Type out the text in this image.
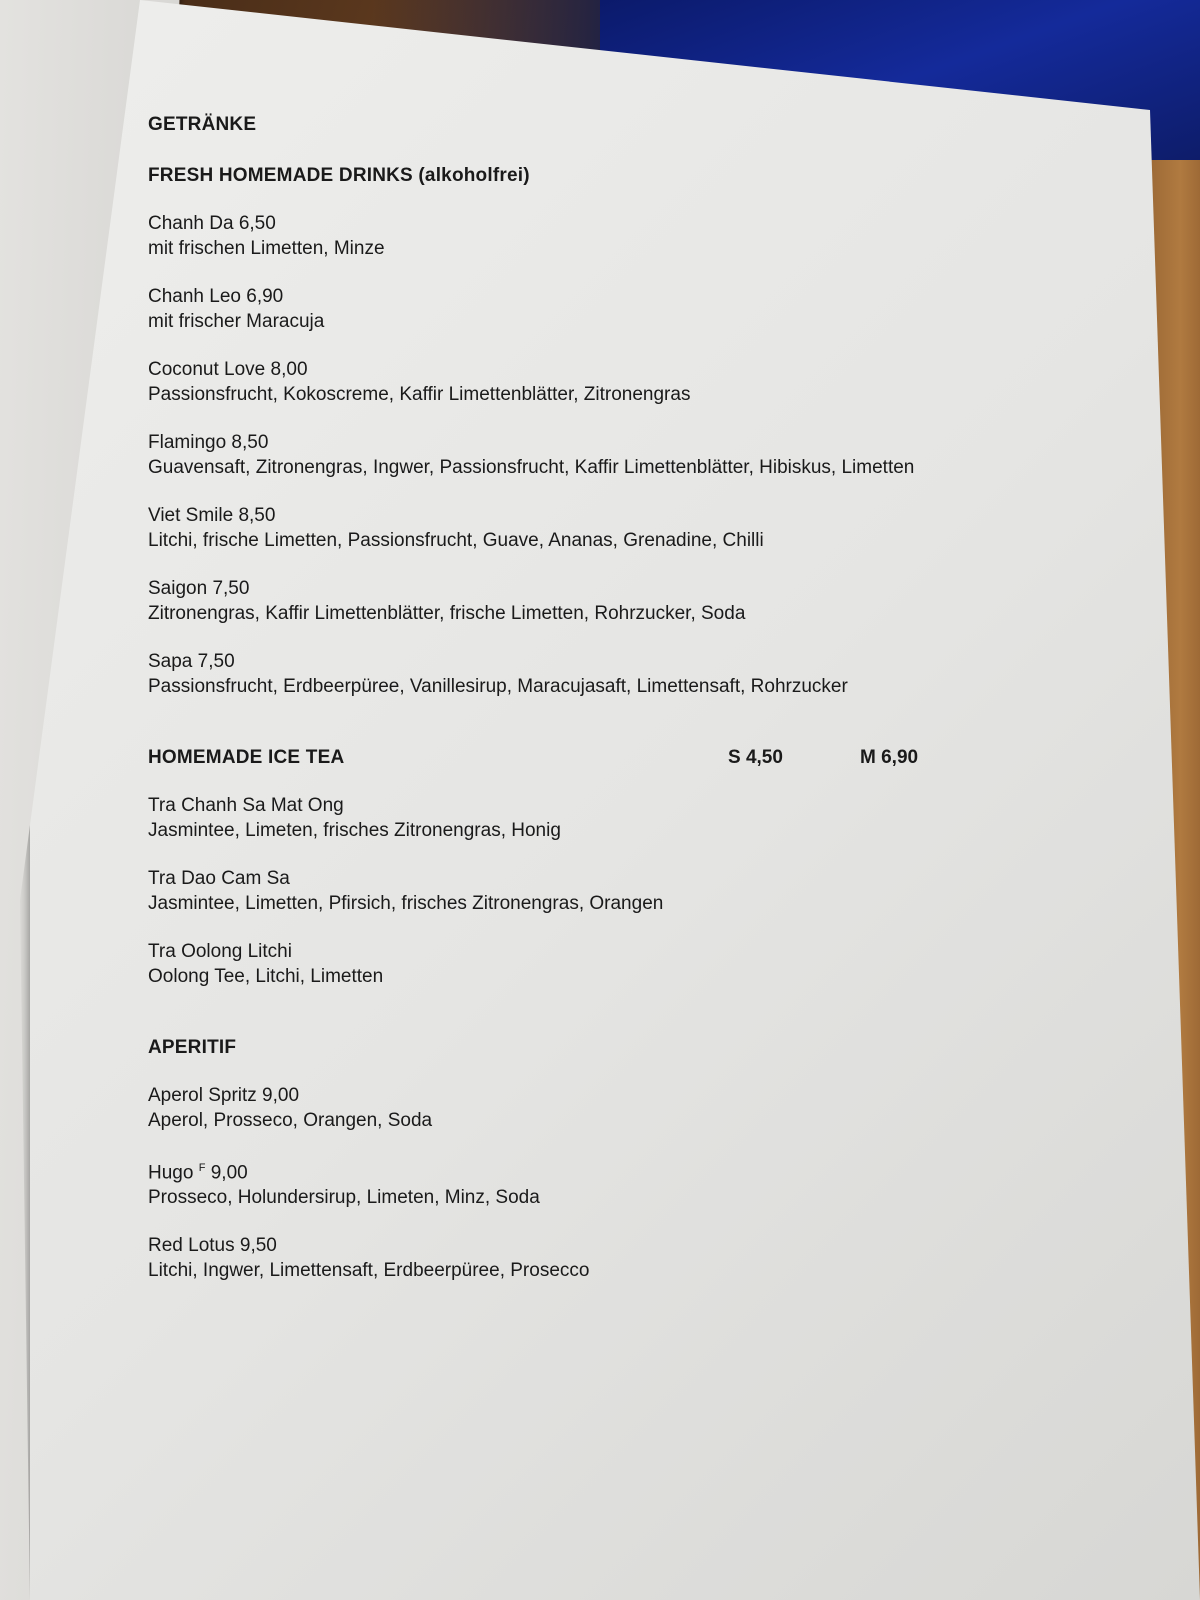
GETRÄNKE

FRESH HOMEMADE DRINKS (alkoholfrei)

Chanh Da 6,50
mit frischen Limetten, Minze
Chanh Leo 6,90
mit frischer Maracuja
Coconut Love 8,00
Passionsfrucht, Kokoscreme, Kaffir Limettenblätter, Zitronengras
Flamingo 8,50
Guavensaft, Zitronengras, Ingwer, Passionsfrucht, Kaffir Limettenblätter, Hibiskus, Limetten
Viet Smile 8,50
Litchi, frische Limetten, Passionsfrucht, Guave, Ananas, Grenadine, Chilli
Saigon 7,50
Zitronengras, Kaffir Limettenblätter, frische Limetten, Rohrzucker, Soda
Sapa 7,50
Passionsfrucht, Erdbeerpüree, Vanillesirup, Maracujasaft, Limettensaft, Rohrzucker
HOMEMADE ICE TEA	S 4,50	M 6,90
Tra Chanh Sa Mat Ong
Jasmintee, Limeten, frisches Zitronengras, Honig
Tra Dao Cam Sa
Jasmintee, Limetten, Pfirsich, frisches Zitronengras, Orangen
Tra Oolong Litchi
Oolong Tee, Litchi, Limetten

APERITIF

Aperol Spritz 9,00
Aperol, Prosseco, Orangen, Soda
Hugo $^F$ 9,00
Prosseco, Holundersirup, Limeten, Minz, Soda
Red Lotus 9,50
Litchi, Ingwer, Limettensaft, Erdbeerpüree, Prosecco
